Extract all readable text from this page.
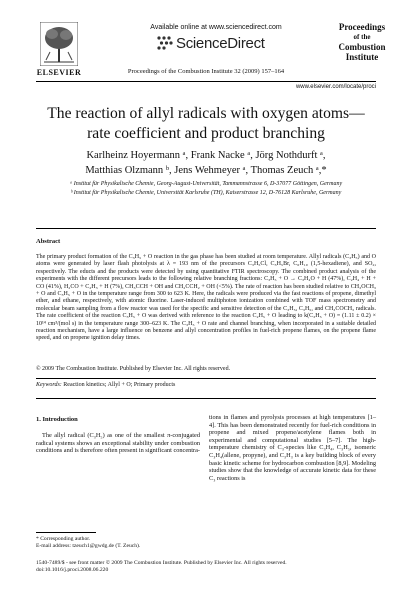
ELSEVIER
Available online at www.sciencedirect.com
ScienceDirect
Proceedings of the Combustion Institute 32 (2009) 157–164
Proceedings
of the
Combustion
Institute
www.elsevier.com/locate/proci
The reaction of allyl radicals with oxygen atoms—rate coefficient and product branching
Karlheinz Hoyermann ᵃ, Frank Nacke ᵃ, Jörg Nothdurft ᵃ,
Matthias Olzmann ᵇ, Jens Wehmeyer ᵃ, Thomas Zeuch ᵃ,*
ᵃ Institut für Physikalische Chemie, Georg-August-Universität, Tammannstrasse 6, D-37077 Göttingen, Germany
ᵇ Institut für Physikalische Chemie, Universität Karlsruhe (TH), Kaiserstrasse 12, D-76128 Karlsruhe, Germany
Abstract
The primary product formation of the C₃H₅ + O reaction in the gas phase has been studied at room temperature. Allyl radicals (C₃H₅) and O atoms were generated by laser flash photolysis at λ = 193 nm of the precursors C₃H₅Cl, C₃H₅Br, C₆H₁₀ (1,5-hexadiene), and SO₂, respectively. The educts and the products were detected by using quantitative FTIR spectroscopy. The combined product analysis of the experiments with the different precursors leads to the following relative branching fractions: C₃H₅ + O → C₃H₄O + H (47%), C₂H₄ + H + CO (41%), H₂CO + C₂H₃ + H (7%), CH₃CCH + OH and CH₂CCH₂ + OH (<5%). The rate of reaction has been studied relative to CH₃OCH₃ + O and C₃H₅ + O in the temperature range from 300 to 623 K. Here, the radicals were produced via the fast reactions of propene, dimethyl ether, and ethane, respectively, with atomic fluorine. Laser-induced multiphoton ionization combined with TOF mass spectrometry and molecular beam sampling from a flow reactor was used for the specific and sensitive detection of the C₃H₅, C₃H₅, and CH₃COCH₃ radicals. The rate coefficient of the reaction C₃H₅ + O was derived with reference to the reaction C₂H₅ + O leading to k(C₃H₅ + O) = (1.11 ± 0.2) × 10¹⁴ cm³/(mol s) in the temperature range 300–623 K. The C₃H₅ + O rate and channel branching, when incorporated in a suitable detailed reaction mechanism, have a large influence on benzene and allyl concentration profiles in fuel-rich propene flames, on the propene flame speed, and on propene ignition delay times.
© 2009 The Combustion Institute. Published by Elsevier Inc. All rights reserved.
Keywords: Reaction kinetics; Allyl + O; Primary products
1. Introduction
The allyl radical (C₃H₅) as one of the smallest π-conjugated radical systems shows an exceptional stability under combustion conditions and is therefore often present in significant concentra-
tions in flames and pyrolysis processes at high temperatures [1–4]. This has been demonstrated recently for fuel-rich conditions in propene and mixed propene/acetylene flames both in experimental and computational studies [5–7]. The high-temperature chemistry of C₃-species like C₃H₄, C₃H₅, isomeric C₃H₄(allene, propyne), and C₃H₃ is a key building block of every basic kinetic scheme for hydrocarbon combustion [8,9]. Modeling studies show that the knowledge of accurate kinetic data for these C₃ reactions is
* Corresponding author.
E-mail address: tzeuch1@gwdg.de (T. Zeuch).
1540-7489/$ - see front matter © 2009 The Combustion Institute. Published by Elsevier Inc. All rights reserved.
doi:10.1016/j.proci.2008.06.220
